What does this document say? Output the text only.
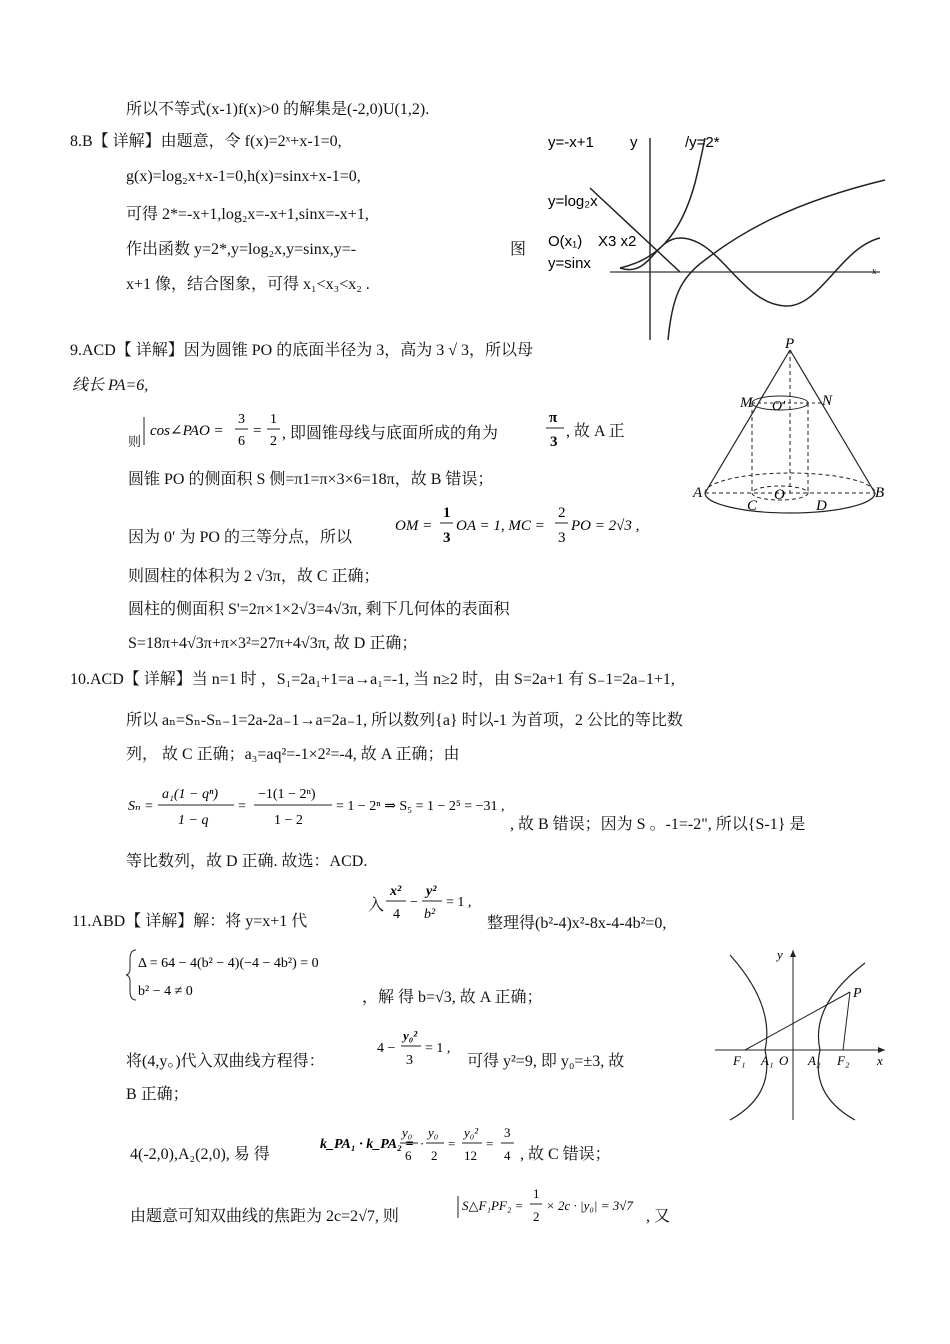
所以不等式(x-1)f(x)>0 的解集是(-2,0)U(1,2).
8.B【 详解】由题意，令 f(x)=2ˣ+x-1=0,
g(x)=log₂x+x-1=0,h(x)=sinx+x-1=0,
可得 2*=-x+1,log₂x=-x+1,sinx=-x+1,
作出函数 y=2*,y=log₂x,y=sinx,y=-	图
x+1 像，结合图象，可得 x₁<x₃<x₂ .
x
y=-x+1 y	/y=2*
y=log₂x
O(x₁) X3 x2
y=sinx
9.ACD【 详解】因为圆锥 PO 的底面半径为 3，高为 3 √ 3，所以母
线长 PA=6,
则
cos∠PAO =
3
6
=
1
2 , 即圆锥母线与底面所成的角为
π
3
, 故 A 正
圆锥 PO 的侧面积 S 侧=π1=π×3×6=18π，故 B 错误；
因为 0′ 为 PO 的三等分点，所以
OM =
1
3
OA = 1, MC =
2
3
PO = 2√3 ,
则圆柱的体积为 2 √3π，故 C 正确；
圆柱的侧面积 S'=2π×1×2√3=4√3π, 剩下几何体的表面积
S=18π+4√3π+π×3²=27π+4√3π, 故 D 正确；
P
M O' N
A
C
O
D
B
10.ACD【 详解】当 n=1 时 ，S₁=2a₁+1=a→a₁=-1, 当 n≥2 时，由 S=2a+1 有 S₋1=2a₋1+1,
所以 aₙ=Sₙ-Sₙ₋1=2a-2a₋1→a=2a₋1, 所以数列{a} 时以-1 为首项，2 公比的等比数
列， 故 C 正确；a₃=aq²=-1×2²=-4, 故 A 正确；由
Sₙ =
a₁(1 − qⁿ)
1 − q
=
−1(1 − 2ⁿ)
1 − 2
= 1 − 2ⁿ ⇒ S₅ = 1 − 2⁵ = −31 ,
, 故 B 错误；因为 S 。-1=-2", 所以{S-1} 是
等比数列，故 D 正确. 故选：ACD.
11.ABD【 详解】解：将 y=x+1 代
入
x²
4
−
y²
b²
= 1 ,
整理得(b²-4)x²-8x-4-4b²=0,
Δ = 64 − 4(b² − 4)(−4 − 4b²) = 0
b² − 4 ≠ 0	，解 得 b=√3, 故 A 正确；
将(4,y。)代入双曲线方程得：
4 −
y₀²
3
= 1 ,
可得 y²=9, 即 y₀=±3, 故
B 正确；
4(-2,0),A₂(2,0), 易 得
k_PA₁ · k_PA₂ =
y₀
6
·
y₀
2
=
y₀²
12
=
3
4 , 故 C 错误；
由题意可知双曲线的焦距为 2c=2√7, 则
S△F₁PF₂ =
1
2
× 2c · |y₀| = 3√7
, 又
y
P
F₁ A₁ O A₂ F₂ x
